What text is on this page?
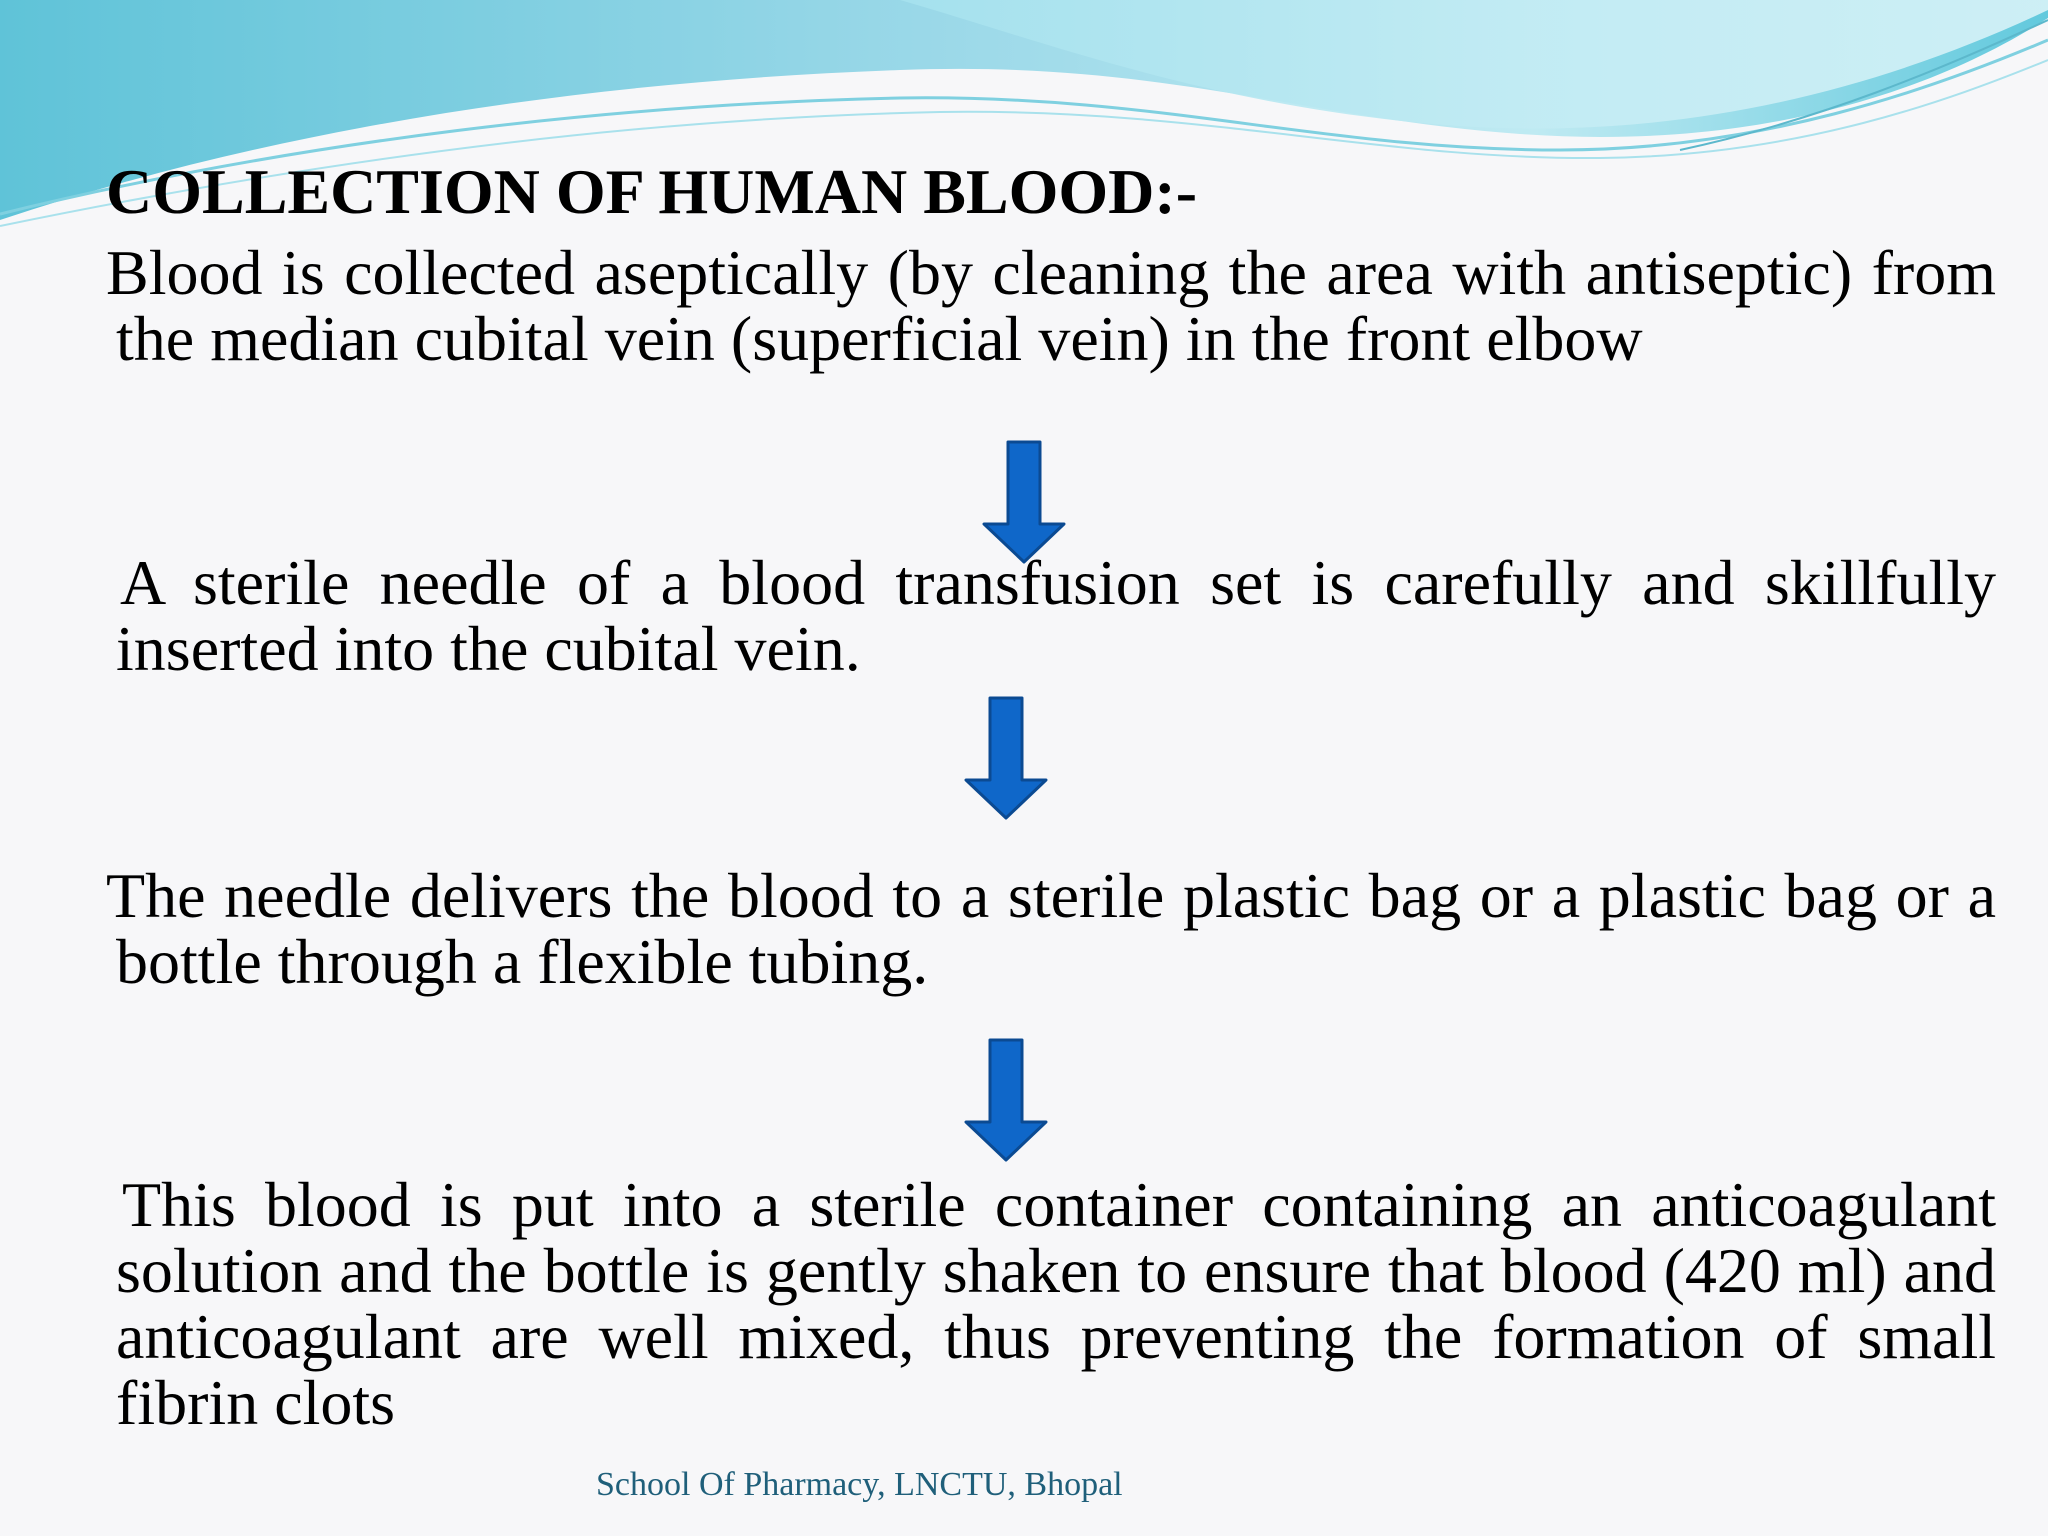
COLLECTION OF HUMAN BLOOD:-

Blood is collected aseptically (by cleaning the area with antiseptic) from the median cubital vein (superficial vein) in the front elbow

A sterile needle of a blood transfusion set is carefully and skillfully inserted into the cubital vein.

The needle delivers the blood to a sterile plastic bag or a plastic bag or a bottle through a flexible tubing.

This blood is put into a sterile container containing an anticoagulant solution and the bottle is gently shaken to ensure that blood (420 ml) and anticoagulant are well mixed, thus preventing the formation of small fibrin clots

School Of Pharmacy, LNCTU, Bhopal
